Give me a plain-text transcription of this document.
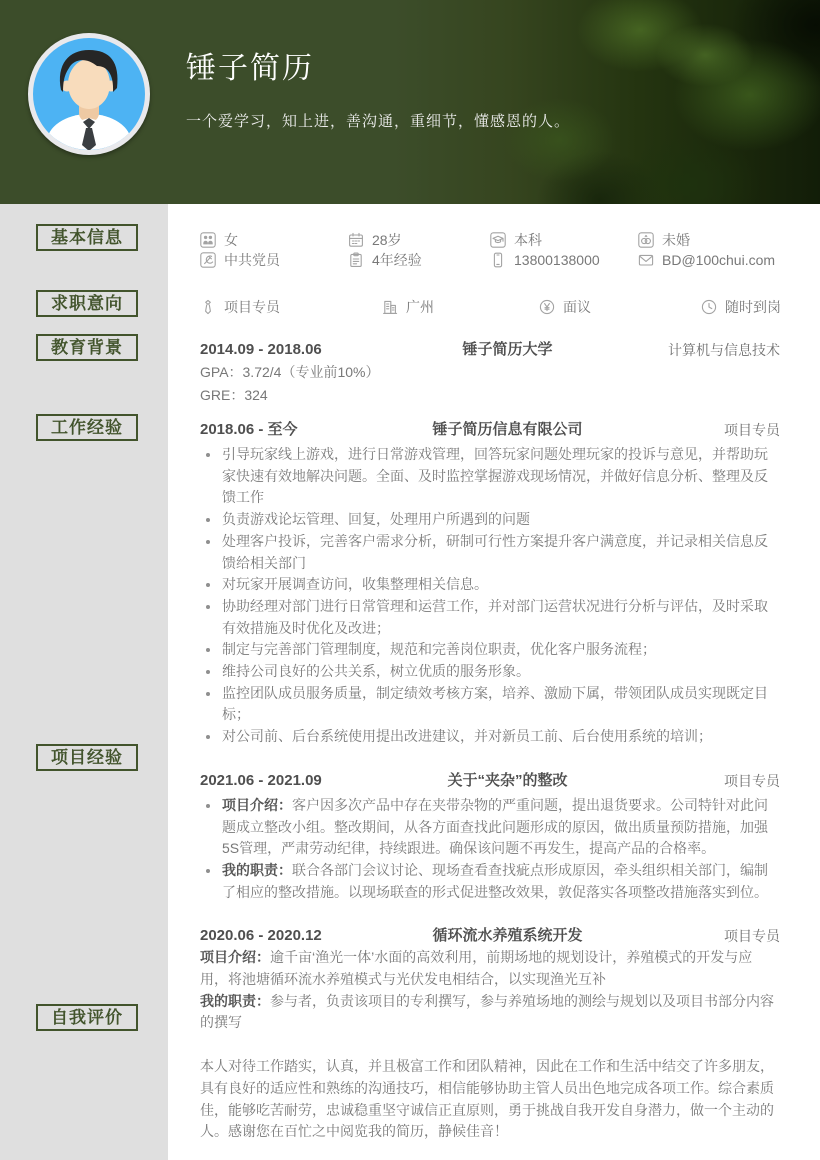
锤子简历

一个爱学习，知上进，善沟通，重细节，懂感恩的人。

基本信息
求职意向
教育背景
工作经验
项目经验
自我评价
女	28岁	本科	未婚
中共党员	4年经验	13800138000	BD@100chui.com
项目专员	广州	面议	随时到岗
2014.09 - 2018.06	锤子简历大学	计算机与信息技术
GPA：3.72/4（专业前10%）
GRE：324
2018.06 - 至今	锤子简历信息有限公司	项目专员
引导玩家线上游戏，进行日常游戏管理，回答玩家问题处理玩家的投诉与意见，并帮助玩家快速有效地解决问题。全面、及时监控掌握游戏现场情况，并做好信息分析、整理及反馈工作
负责游戏论坛管理、回复，处理用户所遇到的问题
处理客户投诉，完善客户需求分析，研制可行性方案提升客户满意度，并记录相关信息反馈给相关部门
对玩家开展调查访问，收集整理相关信息。
协助经理对部门进行日常管理和运营工作，并对部门运营状况进行分析与评估，及时采取有效措施及时优化及改进；
制定与完善部门管理制度，规范和完善岗位职责，优化客户服务流程；
维持公司良好的公共关系，树立优质的服务形象。
监控团队成员服务质量，制定绩效考核方案，培养、激励下属，带领团队成员实现既定目标；
对公司前、后台系统使用提出改进建议，并对新员工前、后台使用系统的培训；
2021.06 - 2021.09	关于“夹杂”的整改	项目专员
项目介绍：客户因多次产品中存在夹带杂物的严重问题，提出退货要求。公司特针对此问题成立整改小组。整改期间，从各方面查找此问题形成的原因，做出质量预防措施，加强5S管理，严肃劳动纪律，持续跟进。确保该问题不再发生，提高产品的合格率。
我的职责：联合各部门会议讨论、现场查看查找疵点形成原因，牵头组织相关部门，编制了相应的整改措施。以现场联查的形式促进整改效果，敦促落实各项整改措施落实到位。
2020.06 - 2020.12	循环流水养殖系统开发	项目专员

项目介绍：逾千亩‘渔光一体’水面的高效利用，前期场地的规划设计，养殖模式的开发与应用，将池塘循环流水养殖模式与光伏发电相结合，以实现渔光互补

我的职责：参与者，负责该项目的专利撰写，参与养殖场地的测绘与规划以及项目书部分内容的撰写

本人对待工作踏实，认真，并且极富工作和团队精神，因此在工作和生活中结交了许多朋友，具有良好的适应性和熟练的沟通技巧，相信能够协助主管人员出色地完成各项工作。综合素质佳，能够吃苦耐劳，忠诚稳重坚守诚信正直原则，勇于挑战自我开发自身潜力，做一个主动的人。感谢您在百忙之中阅览我的简历，静候佳音！
